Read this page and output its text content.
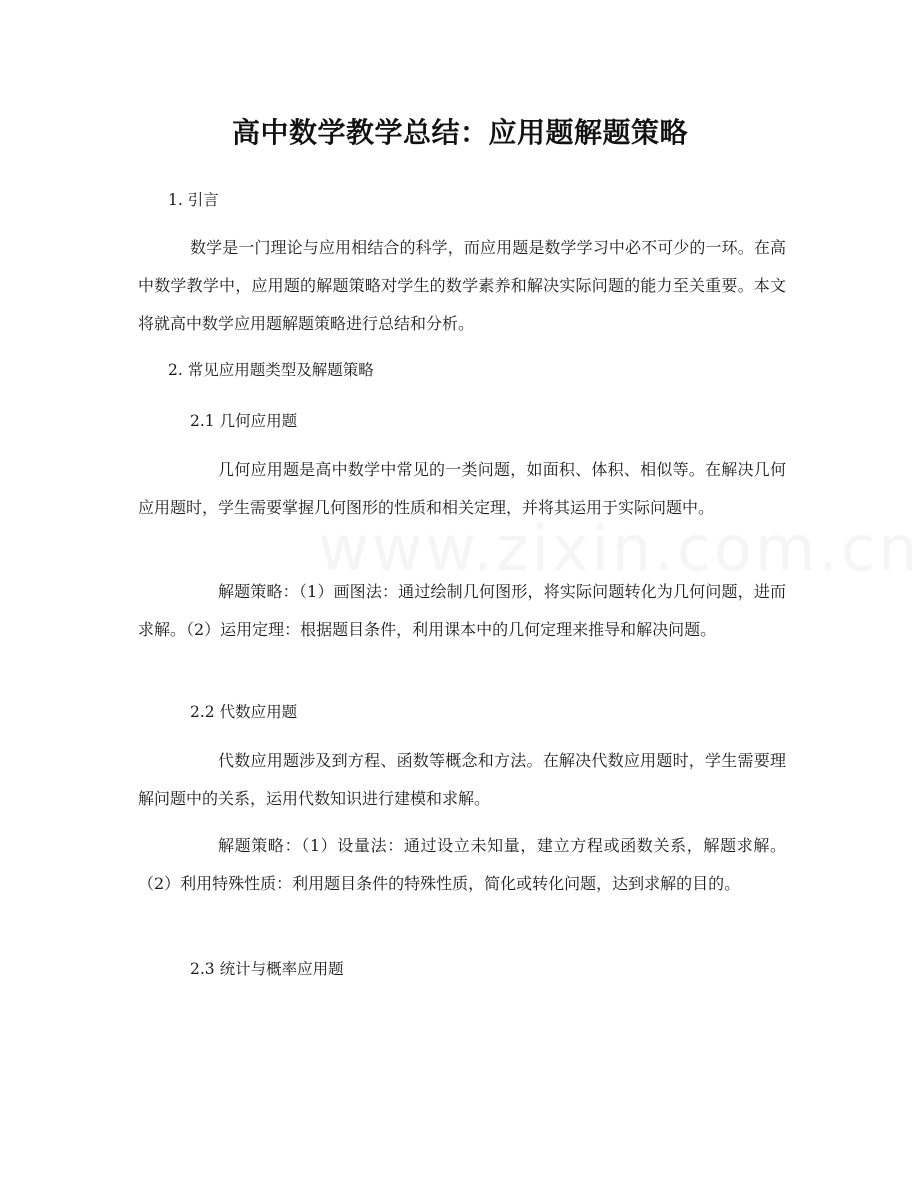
www.zixin.com.cn
高中数学教学总结：应用题解题策略
1. 引言

数学是一门理论与应用相结合的科学，而应用题是数学学习中必不可少的一环。在高中数学教学中，应用题的解题策略对学生的数学素养和解决实际问题的能力至关重要。本文将就高中数学应用题解题策略进行总结和分析。

2. 常见应用题类型及解题策略
2.1 几何应用题

几何应用题是高中数学中常见的一类问题，如面积、体积、相似等。在解决几何应用题时，学生需要掌握几何图形的性质和相关定理，并将其运用于实际问题中。

解题策略：（1）画图法：通过绘制几何图形，将实际问题转化为几何问题，进而求解。（2）运用定理：根据题目条件，利用课本中的几何定理来推导和解决问题。

2.2 代数应用题

代数应用题涉及到方程、函数等概念和方法。在解决代数应用题时，学生需要理解问题中的关系，运用代数知识进行建模和求解。

解题策略：（1）设量法：通过设立未知量，建立方程或函数关系，解题求解。（2）利用特殊性质：利用题目条件的特殊性质，简化或转化问题，达到求解的目的。

2.3 统计与概率应用题
